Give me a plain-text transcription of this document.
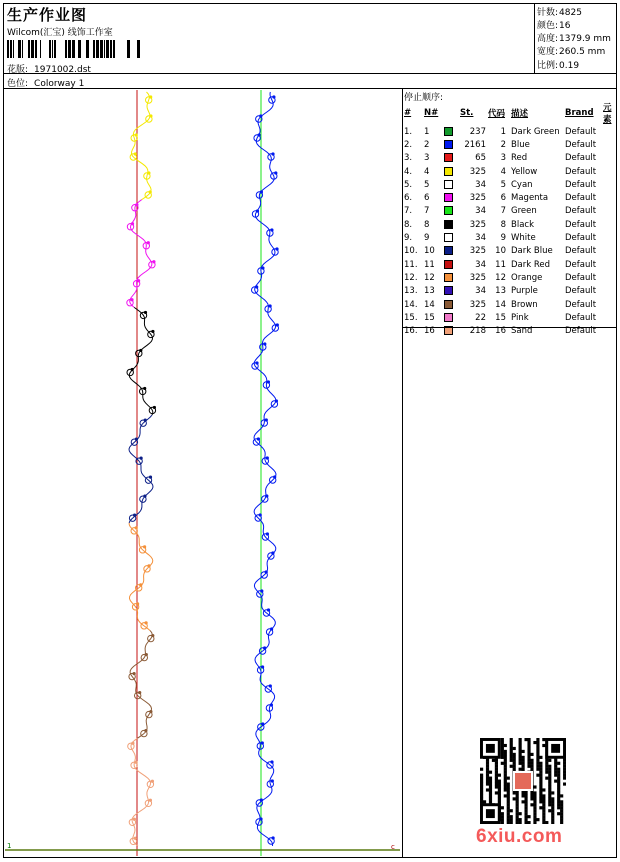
生产作业图
Wilcom(汇宝) 线饰工作室
花版: 1971002.dst
色位: Colorway 1
针数:4825
颜色:16
高度:1379.9 mm
宽度:260.5 mm
比例:0.19
1	c
停止顺序:
#	N#		St.	代码	描述	Brand	元素
1.	1		237	1	Dark Green	Default	
2.	2		2161	2	Blue	Default	
3.	3		65	3	Red	Default	
4.	4		325	4	Yellow	Default	
5.	5		34	5	Cyan	Default	
6.	6		325	6	Magenta	Default	
7.	7		34	7	Green	Default	
8.	8		325	8	Black	Default	
9.	9		34	9	White	Default	
10.	10		325	10	Dark Blue	Default	
11.	11		34	11	Dark Red	Default	
12.	12		325	12	Orange	Default	
13.	13		34	13	Purple	Default	
14.	14		325	14	Brown	Default	
15.	15		22	15	Pink	Default	
16.	16		218	16	Sand	Default	
6xiu.com
